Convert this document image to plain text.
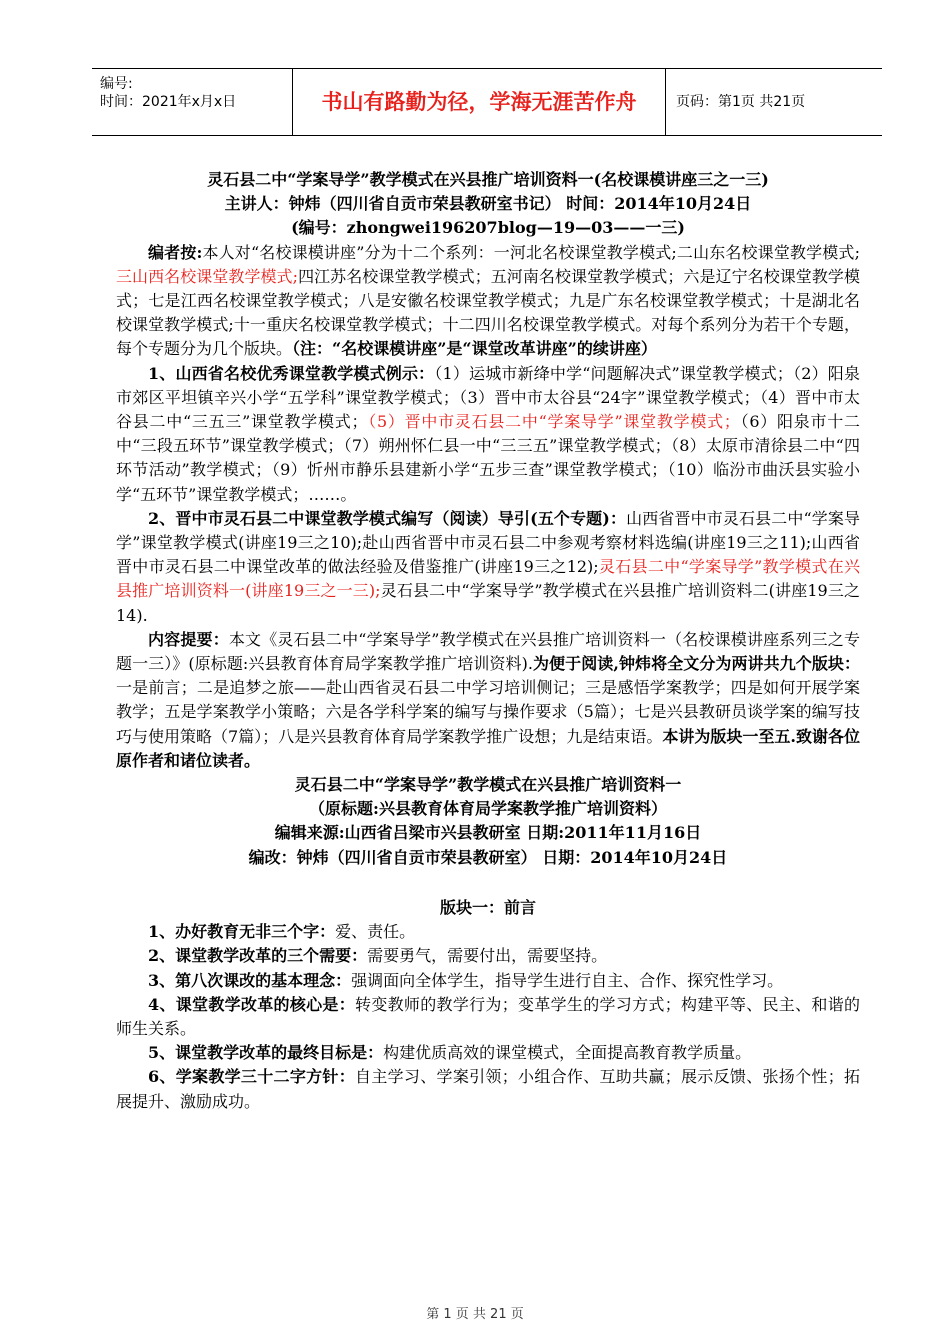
编号:
时间：2021年x月x日	书山有路勤为径，学海无涯苦作舟	页码：第1页 共21页

灵石县二中“学案导学”教学模式在兴县推广培训资料一(名校课模讲座三之一三)

主讲人：钟炜（四川省自贡市荣县教研室书记） 时间：2014年10月24日

(编号：zhongwei196207blog—19—03——一三)

编者按:本人对“名校课模讲座”分为十二个系列：一河北名校课堂教学模式;二山东名校课堂教学模式;三山西名校课堂教学模式;四江苏名校课堂教学模式；五河南名校课堂教学模式；六是辽宁名校课堂教学模式；七是江西名校课堂教学模式；八是安徽名校课堂教学模式；九是广东名校课堂教学模式；十是湖北名校课堂教学模式;十一重庆名校课堂教学模式；十二四川名校课堂教学模式。对每个系列分为若干个专题，每个专题分为几个版块。（注：“名校课模讲座”是“课堂改革讲座”的续讲座）

1、山西省名校优秀课堂教学模式例示：（1）运城市新绛中学“问题解决式”课堂教学模式；（2）阳泉市郊区平坦镇辛兴小学“五学科”课堂教学模式；（3）晋中市太谷县“24字”课堂教学模式；（4）晋中市太谷县二中“三五三”课堂教学模式；（5）晋中市灵石县二中“学案导学”课堂教学模式；（6）阳泉市十二中“三段五环节”课堂教学模式；（7）朔州怀仁县一中“三三五”课堂教学模式；（8）太原市清徐县二中“四环节活动”教学模式；（9）忻州市静乐县建新小学“五步三查”课堂教学模式；（10）临汾市曲沃县实验小学“五环节”课堂教学模式；……。

2、晋中市灵石县二中课堂教学模式编写（阅读）导引(五个专题)：山西省晋中市灵石县二中“学案导学”课堂教学模式(讲座19三之10);赴山西省晋中市灵石县二中参观考察材料选编(讲座19三之11);山西省晋中市灵石县二中课堂改革的做法经验及借鉴推广(讲座19三之12);灵石县二中“学案导学”教学模式在兴县推广培训资料一(讲座19三之一三);灵石县二中“学案导学”教学模式在兴县推广培训资料二(讲座19三之14).

内容提要：本文《灵石县二中“学案导学”教学模式在兴县推广培训资料一（名校课模讲座系列三之专题一三）》(原标题:兴县教育体育局学案教学推广培训资料).为便于阅读,钟炜将全文分为两讲共九个版块：一是前言；二是追梦之旅——赴山西省灵石县二中学习培训侧记；三是感悟学案教学；四是如何开展学案教学；五是学案教学小策略；六是各学科学案的编写与操作要求（5篇）；七是兴县教研员谈学案的编写技巧与使用策略（7篇）；八是兴县教育体育局学案教学推广设想；九是结束语。本讲为版块一至五.致谢各位原作者和诸位读者。

灵石县二中“学案导学”教学模式在兴县推广培训资料一

（原标题:兴县教育体育局学案教学推广培训资料）

编辑来源:山西省吕梁市兴县教研室 日期:2011年11月16日

编改：钟炜（四川省自贡市荣县教研室） 日期：2014年10月24日

版块一：前言

1、办好教育无非三个字：爱、责任。

2、课堂教学改革的三个需要：需要勇气，需要付出，需要坚持。

3、第八次课改的基本理念：强调面向全体学生，指导学生进行自主、合作、探究性学习。

4、课堂教学改革的核心是：转变教师的教学行为；变革学生的学习方式；构建平等、民主、和谐的师生关系。

5、课堂教学改革的最终目标是：构建优质高效的课堂模式，全面提高教育教学质量。

6、学案教学三十二字方针：自主学习、学案引领；小组合作、互助共赢；展示反馈、张扬个性；拓展提升、激励成功。

第 1 页 共 21 页
